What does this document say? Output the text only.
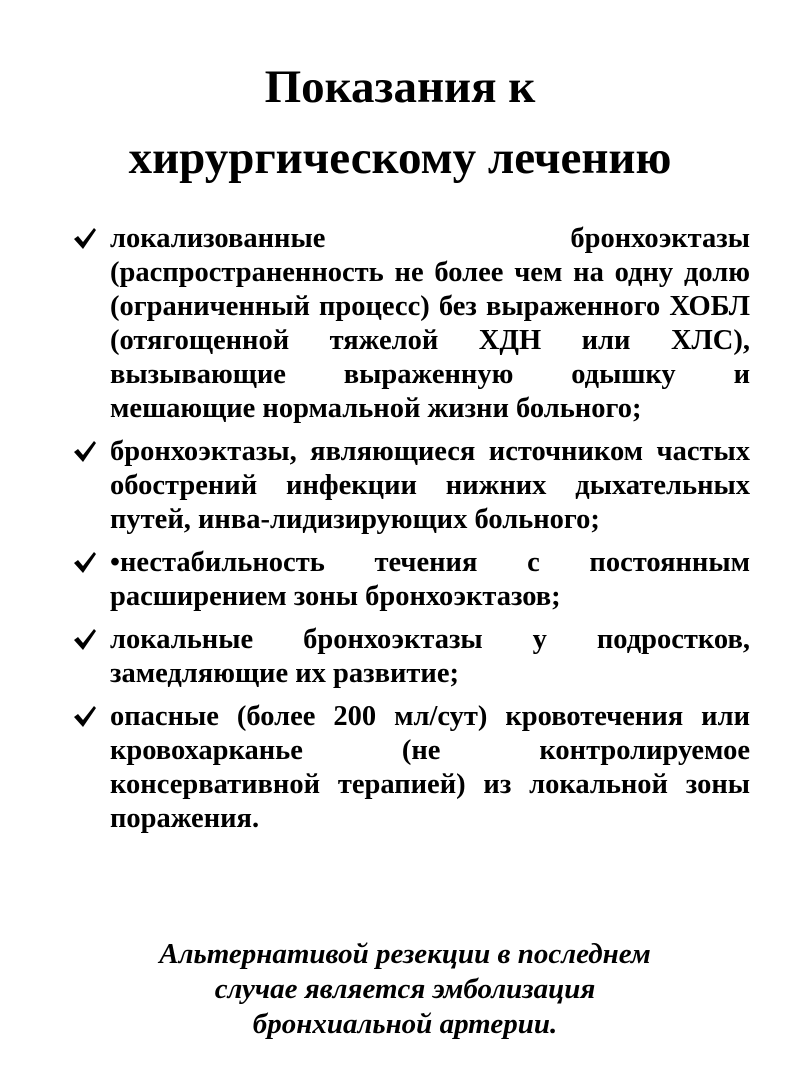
Показания к
хирургическому лечению
локализованные бронхоэктазы (распространенность не более чем на одну долю (ограниченный процесс) без выраженного ХОБЛ (отягощенной тяжелой ХДН или ХЛС), вызывающие выраженную одышку и мешающие нормальной жизни больного;
бронхоэктазы, являющиеся источником частых обострений инфекции нижних дыхательных путей, инва-лидизирующих больного;
•нестабильность течения с постоянным расширением зоны бронхоэктазов;
локальные бронхоэктазы у подростков, замедляющие их развитие;
опасные (более 200 мл/сут) кровотечения или кровохарканье (не контролируемое консервативной терапией) из локальной зоны поражения.

Альтернативой резекции в последнем
случае является эмболизация
бронхиальной артерии.
